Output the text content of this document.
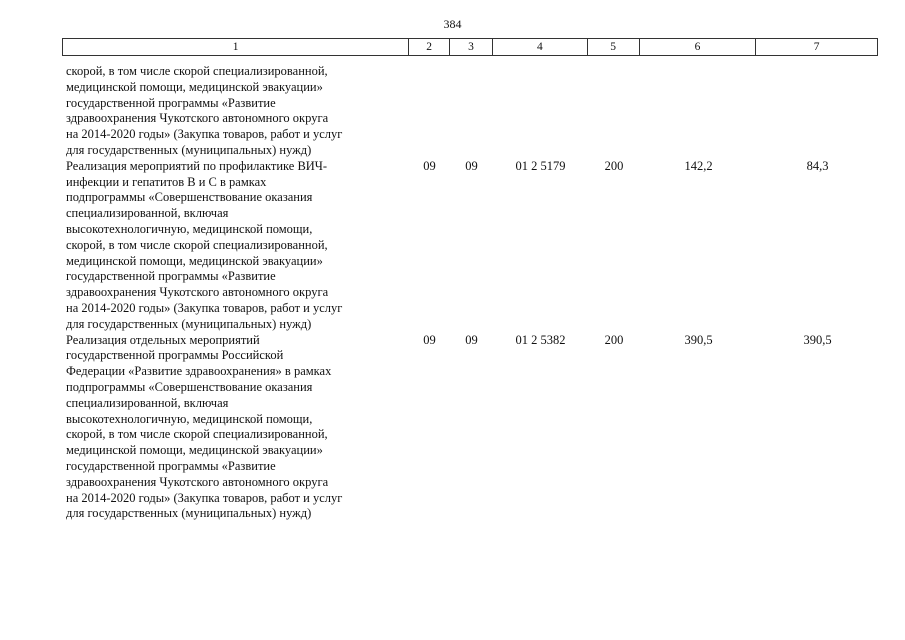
384
1	2	3	4	5	6	7
скорой, в том числе скорой специализированной,
медицинской помощи, медицинской эвакуации»
государственной программы «Развитие
здравоохранения Чукотского автономного округа
на 2014-2020 годы» (Закупка товаров, работ и услуг
для государственных (муниципальных) нужд)
Реализация мероприятий по профилактике ВИЧ-
инфекции и гепатитов B и C в рамках
подпрограммы «Совершенствование оказания
специализированной, включая
высокотехнологичную, медицинской помощи,
скорой, в том числе скорой специализированной,
медицинской помощи, медицинской эвакуации»
государственной программы «Развитие
здравоохранения Чукотского автономного округа
на 2014-2020 годы» (Закупка товаров, работ и услуг
для государственных (муниципальных) нужд)
09	09	01 2 5179	200	142,2	84,3
Реализация отдельных мероприятий
государственной программы Российской
Федерации «Развитие здравоохранения» в рамках
подпрограммы «Совершенствование оказания
специализированной, включая
высокотехнологичную, медицинской помощи,
скорой, в том числе скорой специализированной,
медицинской помощи, медицинской эвакуации»
государственной программы «Развитие
здравоохранения Чукотского автономного округа
на 2014-2020 годы» (Закупка товаров, работ и услуг
для государственных (муниципальных) нужд)
09	09	01 2 5382	200	390,5	390,5
